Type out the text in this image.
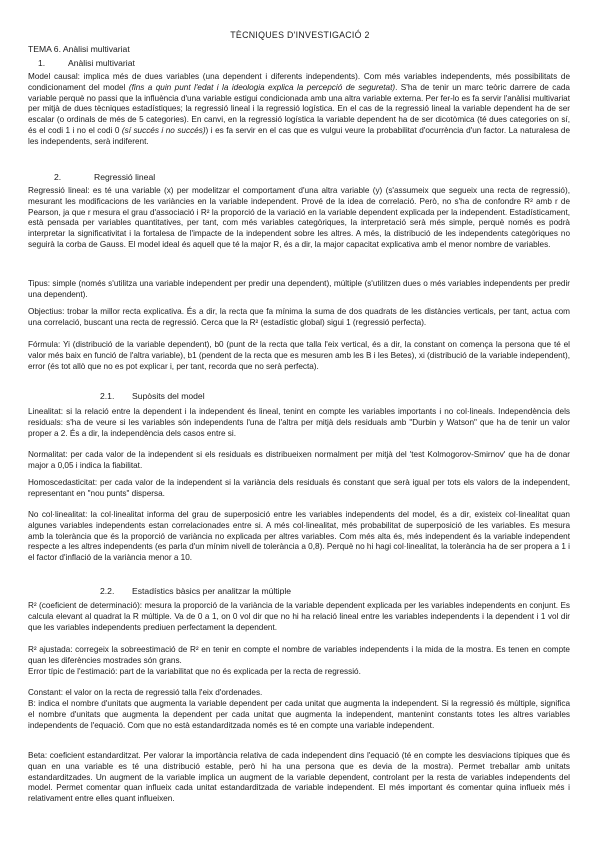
TÈCNIQUES D'INVESTIGACIÓ 2
TEMA 6. Anàlisi multivariat
1.	Anàlisi multivariat
Model causal: implica més de dues variables (una dependent i diferents independents). Com més variables independents, més possibilitats de condicionament del model (fins a quin punt l'edat i la ideologia explica la percepció de seguretat). S'ha de tenir un marc teòric darrere de cada variable perquè no passi que la influència d'una variable estigui condicionada amb una altra variable externa. Per fer-lo es fa servir l'anàlisi multivariat per mitjà de dues tècniques estadístiques; la regressió lineal i la regressió logística. En el cas de la regressió lineal la variable dependent ha de ser escalar (o ordinals de més de 5 categories). En canvi, en la regressió logística la variable dependent ha de ser dicotòmica (té dues categories on sí, és el codi 1 i no el codi 0 (sí succés i no succés)) i es fa servir en el cas que es vulgui veure la probabilitat d'ocurrència d'un factor. La naturalesa de les independents, serà indiferent.
2.	Regressió lineal
Regressió lineal: es té una variable (x) per modelitzar el comportament d'una altra variable (y) (s'assumeix que segueix una recta de regressió), mesurant les modificacions de les variàncies en la variable independent. Prové de la idea de correlació. Però, no s'ha de confondre R² amb r de Pearson, ja que r mesura el grau d'associació i R² la proporció de la variació en la variable dependent explicada per la independent. Estadísticament, està pensada per variables quantitatives, per tant, com més variables categòriques, la interpretació serà més simple, perquè només es podrà interpretar la significativitat i la fortalesa de l'impacte de la independent sobre les altres. A més, la distribució de les independents categòriques no seguirà la corba de Gauss. El model ideal és aquell que té la major R, és a dir, la major capacitat explicativa amb el menor nombre de variables.
Tipus: simple (només s'utilitza una variable independent per predir una dependent), múltiple (s'utilitzen dues o més variables independents per predir una dependent).
Objectius: trobar la millor recta explicativa. És a dir, la recta que fa mínima la suma de dos quadrats de les distàncies verticals, per tant, actua com una correlació, buscant una recta de regressió. Cerca que la R² (estadístic global) sigui 1 (regressió perfecta).
Fórmula: Yi (distribució de la variable dependent), b0 (punt de la recta que talla l'eix vertical, és a dir, la constant on comença la persona que té el valor més baix en funció de l'altra variable), b1 (pendent de la recta que es mesuren amb les B i les Betes), xi (distribució de la variable independent), error (és tot allò que no es pot explicar i, per tant, recorda que no serà perfecta).
2.1. Supòsits del model
Linealitat: si la relació entre la dependent i la independent és lineal, tenint en compte les variables importants i no col·lineals. Independència dels residuals: s'ha de veure si les variables són independents l'una de l'altra per mitjà dels residuals amb "Durbin y Watson" que ha de tenir un valor proper a 2. És a dir, la independència dels casos entre si.
Normalitat: per cada valor de la independent si els residuals es distribueixen normalment per mitjà del 'test Kolmogorov-Smirnov' que ha de donar major a 0,05 i indica la fiabilitat.
Homoscedasticitat: per cada valor de la independent si la variància dels residuals és constant que serà igual per tots els valors de la independent, representant en "nou punts" dispersa.
No col·linealitat: la col·linealitat informa del grau de superposició entre les variables independents del model, és a dir, existeix col·linealitat quan algunes variables independents estan correlacionades entre si. A més col·linealitat, més probabilitat de superposició de les variables. Es mesura amb la tolerància que és la proporció de variància no explicada per altres variables. Com més alta és, més independent és la variable independent respecte a les altres independents (es parla d'un mínim nivell de tolerància a 0,8). Perquè no hi hagi col·linealitat, la tolerància ha de ser propera a 1 i el factor d'inflació de la variància menor a 10.
2.2. Estadístics bàsics per analitzar la múltiple
R² (coeficient de determinació): mesura la proporció de la variància de la variable dependent explicada per les variables independents en conjunt. Es calcula elevant al quadrat la R múltiple. Va de 0 a 1, on 0 vol dir que no hi ha relació lineal entre les variables independents i la dependent i 1 vol dir que les variables independents prediuen perfectament la dependent.
R² ajustada: corregeix la sobreestimació de R² en tenir en compte el nombre de variables independents i la mida de la mostra. Es tenen en compte quan les diferències mostrades són grans.
Error típic de l'estimació: part de la variabilitat que no és explicada per la recta de regressió.
Constant: el valor on la recta de regressió talla l'eix d'ordenades.
B: indica el nombre d'unitats que augmenta la variable dependent per cada unitat que augmenta la independent. Si la regressió és múltiple, significa el nombre d'unitats que augmenta la dependent per cada unitat que augmenta la independent, mantenint constants totes les altres variables independents de l'equació. Com que no està estandarditzada només es té en compte una variable independent.
Beta: coeficient estandarditzat. Per valorar la importància relativa de cada independent dins l'equació (té en compte les desviacions típiques que és quan en una variable es té una distribució estable, però hi ha una persona que es devia de la mostra). Permet treballar amb unitats estandarditzades. Un augment de la variable implica un augment de la variable dependent, controlant per la resta de variables independents del model. Permet comentar quan influeix cada unitat estandarditzada de variable independent. El més important és comentar quina influeix més i relativament entre elles quant influeixen.
